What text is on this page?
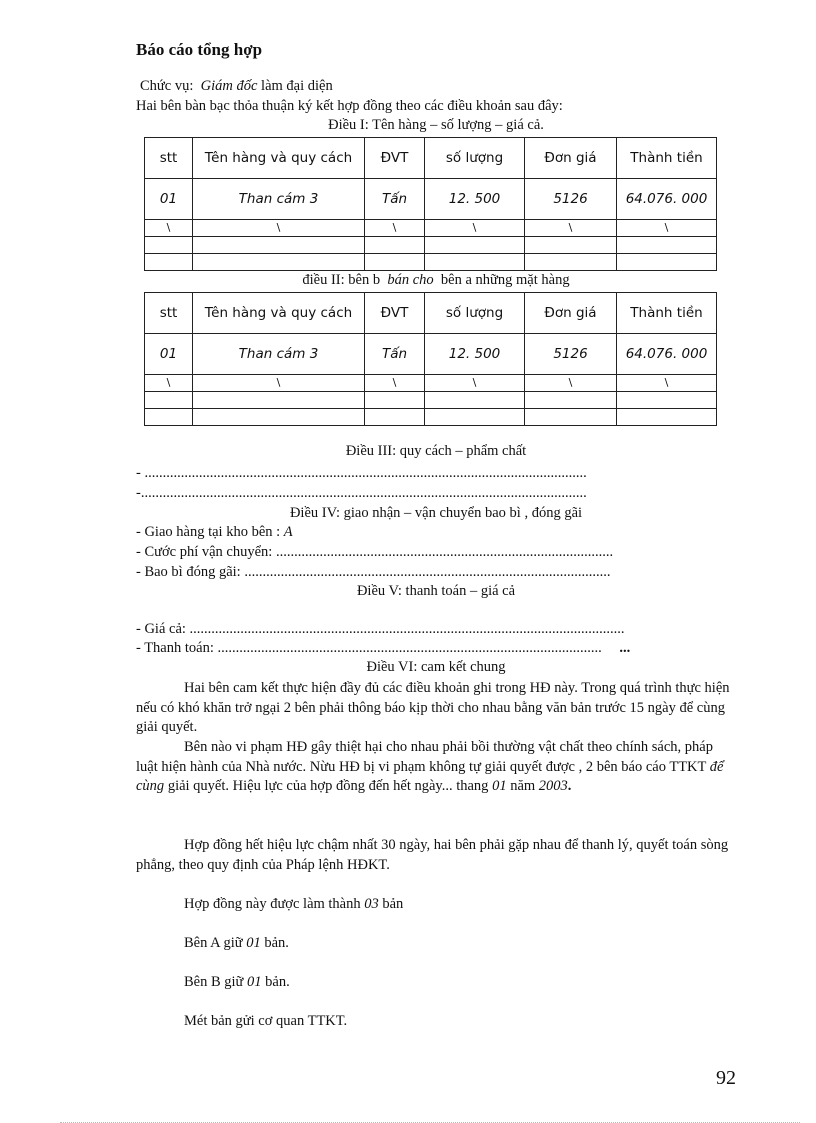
Báo cáo tổng hợp
Chức vụ: Giám đốc làm đại diện
Hai bên bàn bạc thỏa thuận ký kết hợp đồng theo các điều khoản sau đây:
Điều I: Tên hàng – số lượng – giá cả.
stt	Tên hàng và quy cách	ĐVT	số lượng	Đơn giá	Thành tiền
01	Than cám 3	Tấn	12. 500	5126	64.076. 000
\	\	\	\	\	\

điều II: bên b bán cho bên a những mặt hàng
stt	Tên hàng và quy cách	ĐVT	số lượng	Đơn giá	Thành tiền
01	Than cám 3	Tấn	12. 500	5126	64.076. 000
\	\	\	\	\	\

Điều III: quy cách – phẩm chất
- ..........................................................................................................................
-...........................................................................................................................
Điều IV: giao nhận – vận chuyển bao bì , đóng gãi
- Giao hàng tại kho bên : A
- Cước phí vận chuyển: .............................................................................................
- Bao bì đóng gãi: .....................................................................................................
Điều V: thanh toán – giá cả
- Giá cả: ........................................................................................................................
- Thanh toán: .......................................................................................................... ...
Điều VI: cam kết chung
Hai bên cam kết thực hiện đầy đủ các điều khoản ghi trong HĐ này. Trong quá trình thực hiện nếu có khó khăn trở ngại 2 bên phải thông báo kịp thời cho nhau bằng văn bản trước 15 ngày để cùng giải quyết.
Bên nào vi phạm HĐ gây thiệt hại cho nhau phải bồi thường vật chất theo chính sách, pháp luật hiện hành của Nhà nước. Nừu HĐ bị vi phạm không tự giải quyết được , 2 bên báo cáo TTKT để cùng giải quyết. Hiệu lực của hợp đồng đến hết ngày... thang 01 năm 2003.
Hợp đồng hết hiệu lực chậm nhất 30 ngày, hai bên phải gặp nhau để thanh lý, quyết toán sòng phẳng, theo quy định của Pháp lệnh HĐKT.
Hợp đồng này được làm thành 03 bản
Bên A giữ 01 bản.
Bên B giữ 01 bản.
Mét bản gửi cơ quan TTKT.
92
